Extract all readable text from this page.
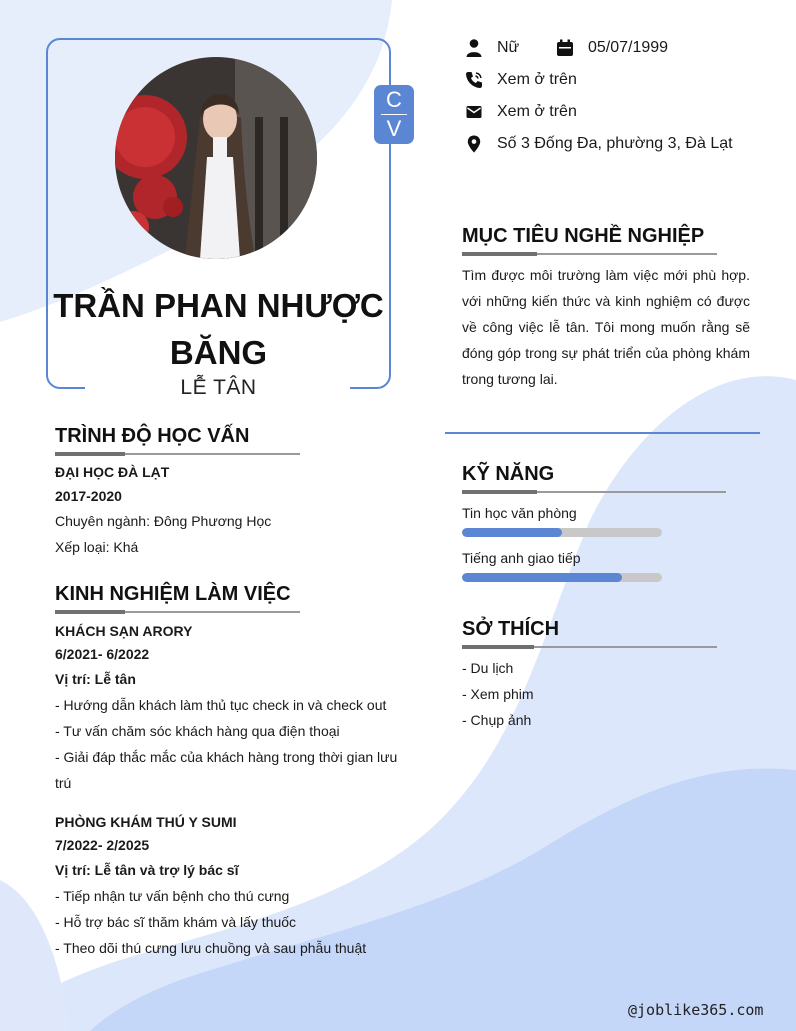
C
V
TRẦN PHAN NHƯỢC BĂNG
LỄ TÂN
Nữ	05/07/1999
Xem ở trên
Xem ở trên
Số 3 Đống Đa, phường 3, Đà Lạt
MỤC TIÊU NGHỀ NGHIỆP
Tìm được môi trường làm việc mới phù hợp. với những kiến thức và kinh nghiệm có được về công việc lễ tân. Tôi mong muốn rằng sẽ đóng góp trong sự phát triển của phòng khám trong tương lai.
TRÌNH ĐỘ HỌC VẤN
ĐẠI HỌC ĐÀ LẠT
2017-2020
Chuyên ngành: Đông Phương Học
Xếp loại: Khá
KINH NGHIỆM LÀM VIỆC
KHÁCH SẠN ARORY
6/2021- 6/2022
Vị trí: Lễ tân
- Hướng dẫn khách làm thủ tục check in và check out
- Tư vấn chăm sóc khách hàng qua điện thoại
- Giải đáp thắc mắc của khách hàng trong thời gian lưu trú
PHÒNG KHÁM THÚ Y SUMI
7/2022- 2/2025
Vị trí: Lễ tân và trợ lý bác sĩ
- Tiếp nhận tư vấn bệnh cho thú cưng
- Hỗ trợ bác sĩ thăm khám và lấy thuốc
- Theo dõi thú cưng lưu chuồng và sau phẫu thuật
KỸ NĂNG
Tin học văn phòng
Tiếng anh giao tiếp
SỞ THÍCH
- Du lịch
- Xem phim
- Chụp ảnh
@joblike365.com
